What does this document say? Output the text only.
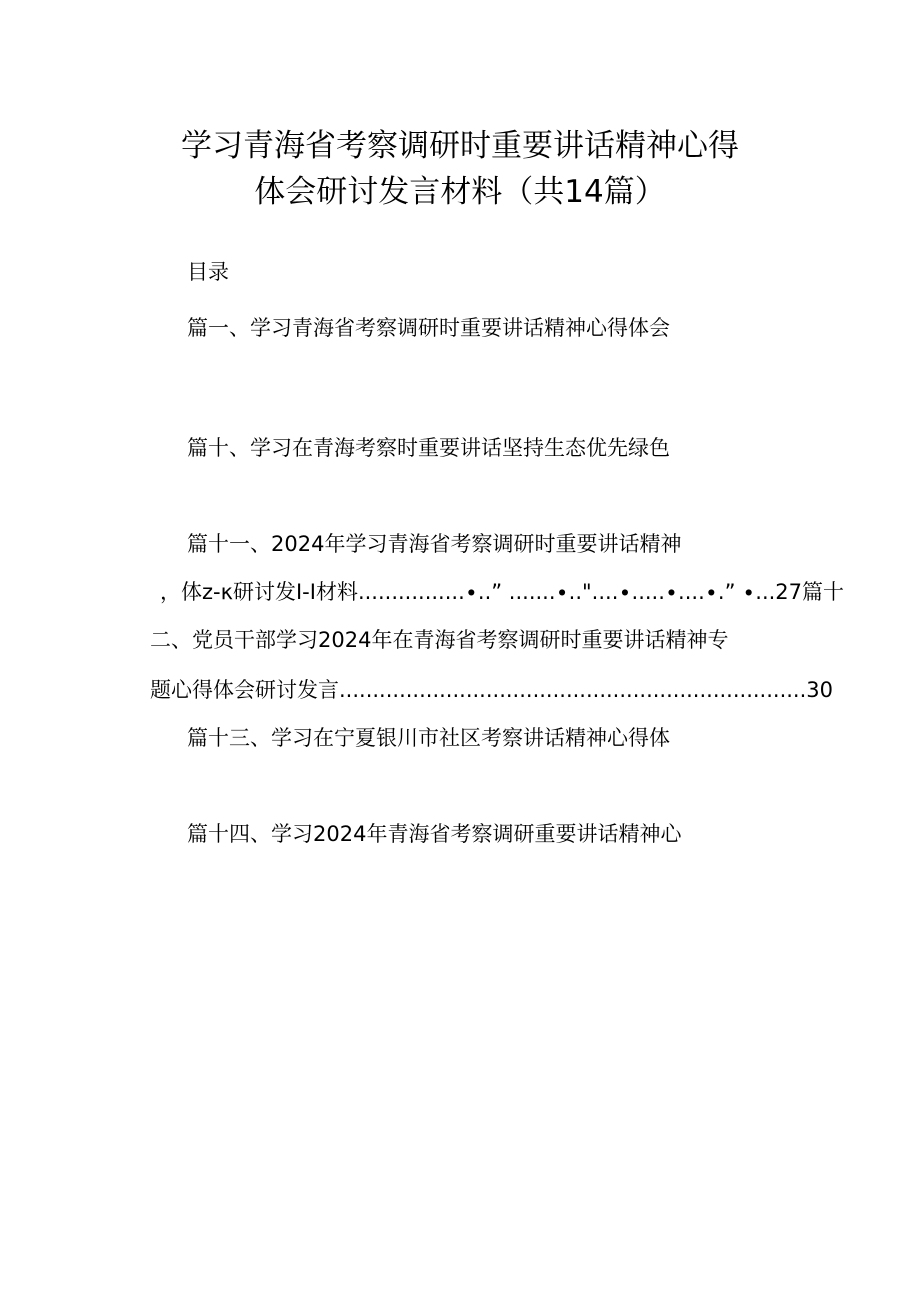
学习青海省考察调研时重要讲话精神心得
体会研讨发言材料（共14篇）
目录
篇一、学习青海省考察调研时重要讲话精神心得体会
篇十、学习在青海考察时重要讲话坚持生态优先绿色
篇十一、2024年学习青海省考察调研时重要讲话精神
，体z-κ研讨发I-I材料................∙..” .......∙.."....∙.....∙....∙.” ∙...27篇十
二、党员干部学习2024年在青海省考察调研时重要讲话精神专
题心得体会研讨发言......................................................................30
篇十三、学习在宁夏银川市社区考察讲话精神心得体
篇十四、学习2024年青海省考察调研重要讲话精神心
